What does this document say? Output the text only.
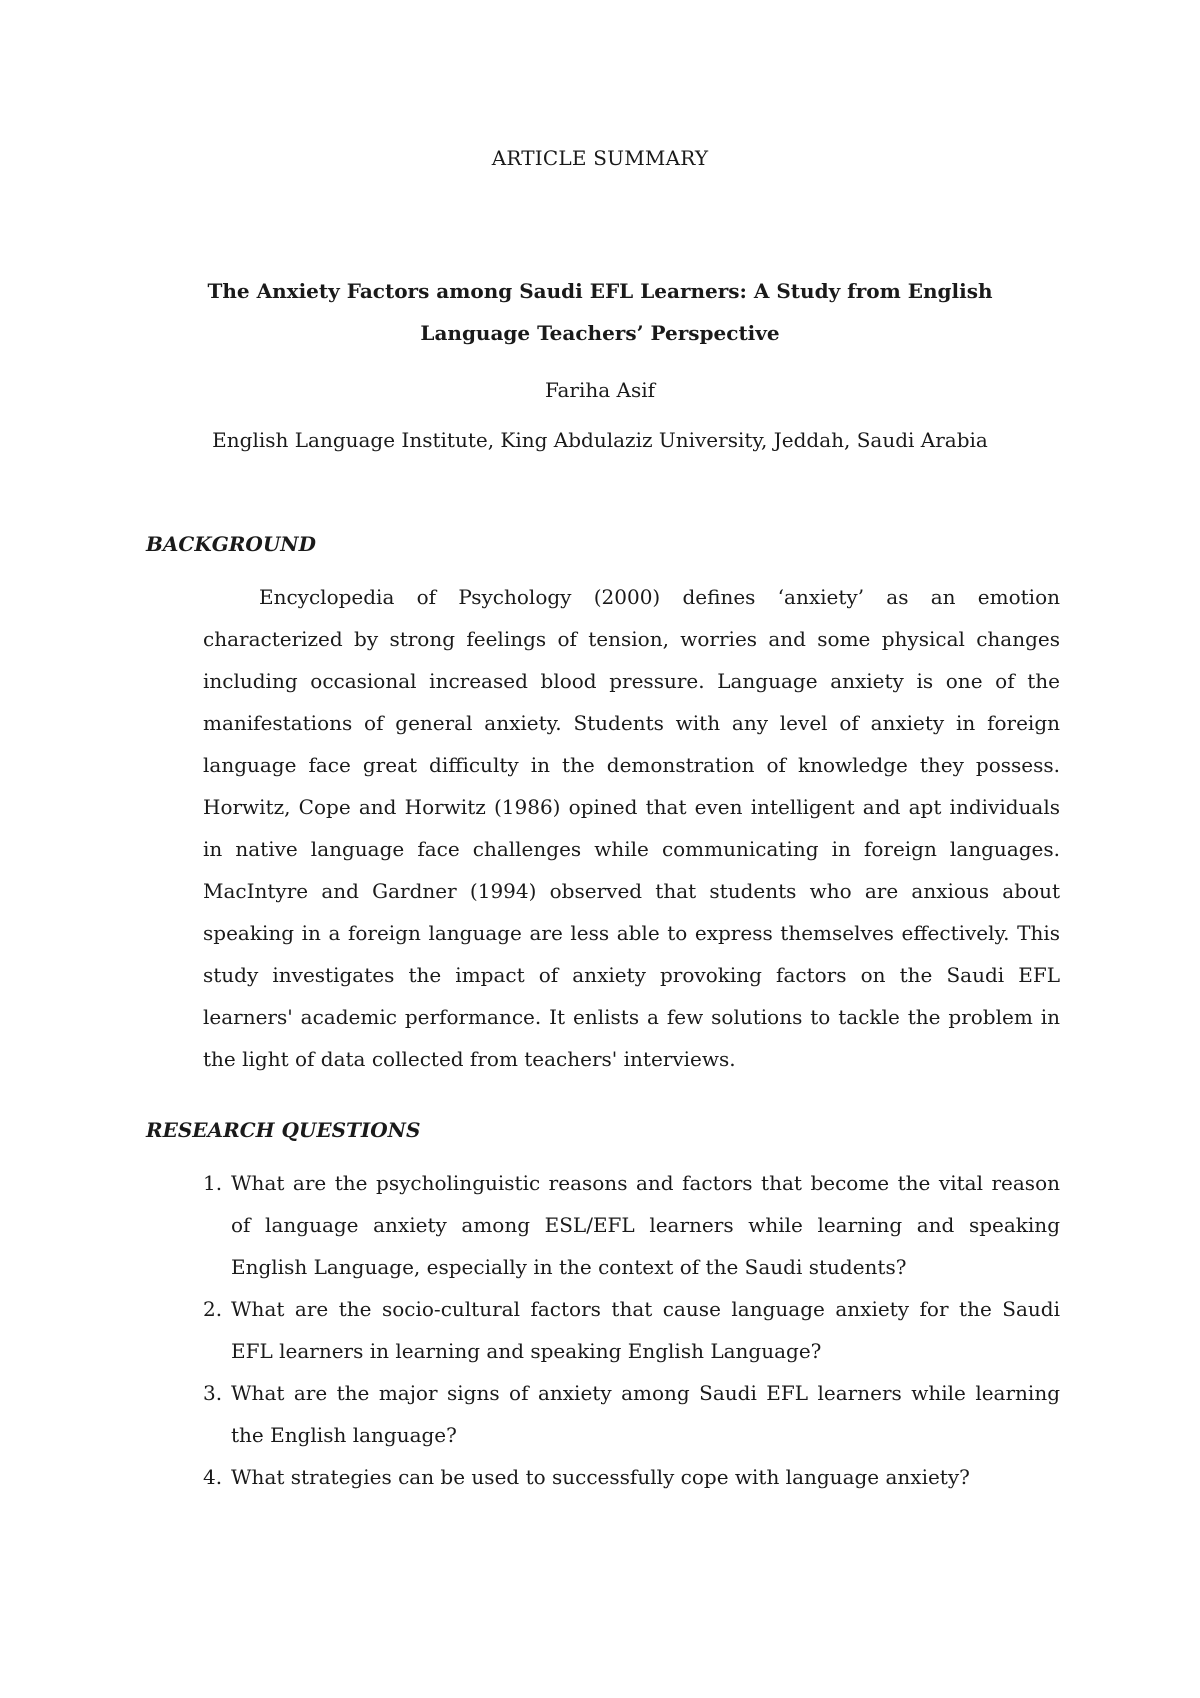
ARTICLE SUMMARY
The Anxiety Factors among Saudi EFL Learners: A Study from English Language Teachers’ Perspective
Fariha Asif
English Language Institute, King Abdulaziz University, Jeddah, Saudi Arabia
BACKGROUND

Encyclopedia of Psychology (2000) defines ‘anxiety’ as an emotion characterized by strong feelings of tension, worries and some physical changes including occasional increased blood pressure. Language anxiety is one of the manifestations of general anxiety. Students with any level of anxiety in foreign language face great difficulty in the demonstration of knowledge they possess. Horwitz, Cope and Horwitz (1986) opined that even intelligent and apt individuals in native language face challenges while communicating in foreign languages. MacIntyre and Gardner (1994) observed that students who are anxious about speaking in a foreign language are less able to express themselves effectively. This study investigates the impact of anxiety provoking factors on the Saudi EFL learners' academic performance. It enlists a few solutions to tackle the problem in the light of data collected from teachers' interviews.

RESEARCH QUESTIONS
1. What are the psycholinguistic reasons and factors that become the vital reason of language anxiety among ESL/EFL learners while learning and speaking English Language, especially in the context of the Saudi students?
2. What are the socio-cultural factors that cause language anxiety for the Saudi EFL learners in learning and speaking English Language?
3. What are the major signs of anxiety among Saudi EFL learners while learning the English language?
4. What strategies can be used to successfully cope with language anxiety?
